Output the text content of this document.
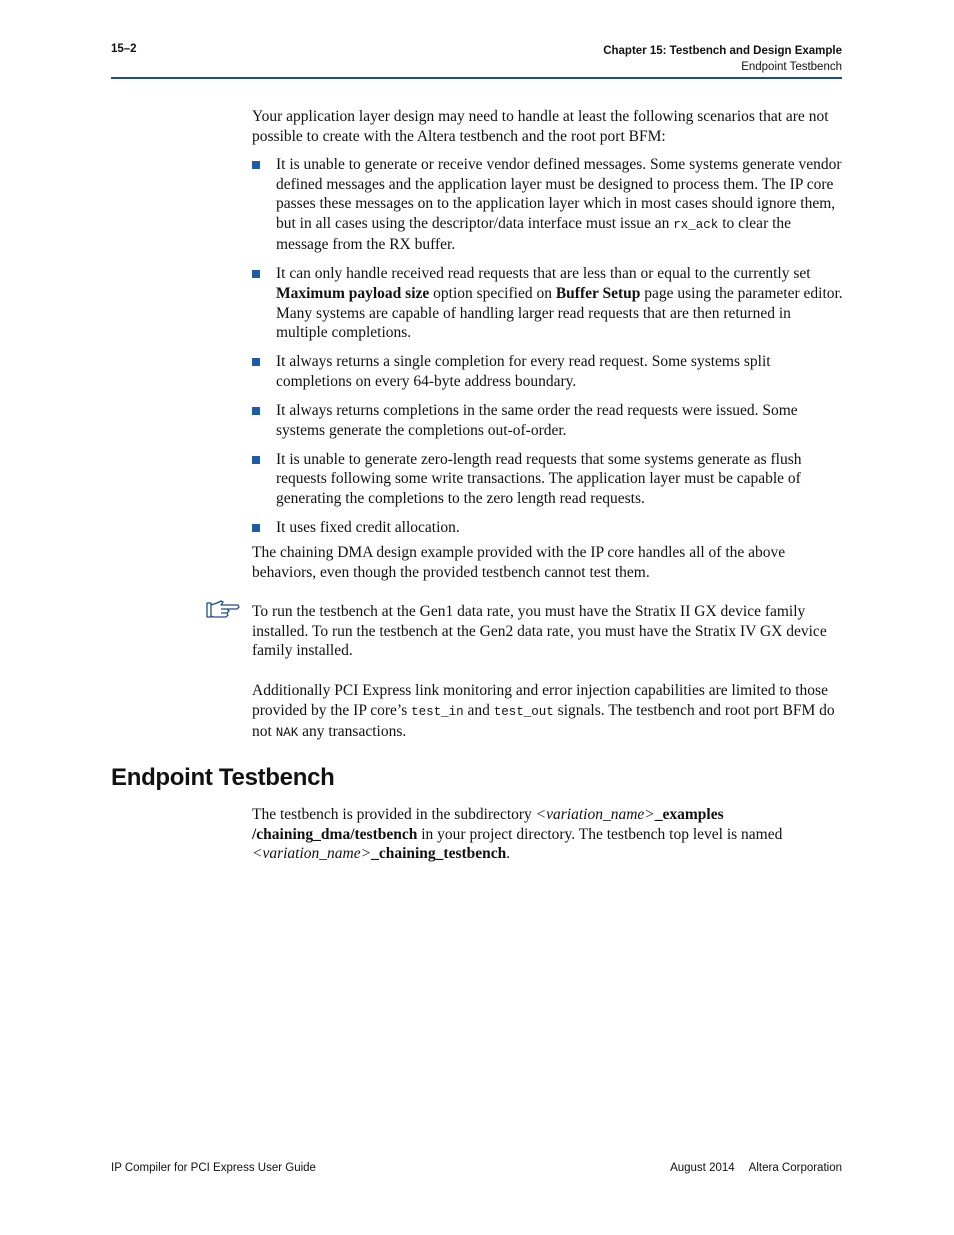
15–2	Chapter 15: Testbench and Design Example
Endpoint Testbench

Your application layer design may need to handle at least the following scenarios that are not possible to create with the Altera testbench and the root port BFM:

It is unable to generate or receive vendor defined messages. Some systems generate vendor defined messages and the application layer must be designed to process them. The IP core passes these messages on to the application layer which in most cases should ignore them, but in all cases using the descriptor/data interface must issue an rx_ack to clear the message from the RX buffer.
It can only handle received read requests that are less than or equal to the currently set Maximum payload size option specified on Buffer Setup page using the parameter editor. Many systems are capable of handling larger read requests that are then returned in multiple completions.
It always returns a single completion for every read request. Some systems split completions on every 64-byte address boundary.
It always returns completions in the same order the read requests were issued. Some systems generate the completions out-of-order.
It is unable to generate zero-length read requests that some systems generate as flush requests following some write transactions. The application layer must be capable of generating the completions to the zero length read requests.
It uses fixed credit allocation.

The chaining DMA design example provided with the IP core handles all of the above behaviors, even though the provided testbench cannot test them.

To run the testbench at the Gen1 data rate, you must have the Stratix II GX device family installed. To run the testbench at the Gen2 data rate, you must have the Stratix IV GX device family installed.

Additionally PCI Express link monitoring and error injection capabilities are limited to those provided by the IP core’s test_in and test_out signals. The testbench and root port BFM do not NAK any transactions.

Endpoint Testbench

The testbench is provided in the subdirectory <variation_name>_examples /chaining_dma/testbench in your project directory. The testbench top level is named <variation_name>_chaining_testbench.

IP Compiler for PCI Express User Guide	August 2014 Altera Corporation
